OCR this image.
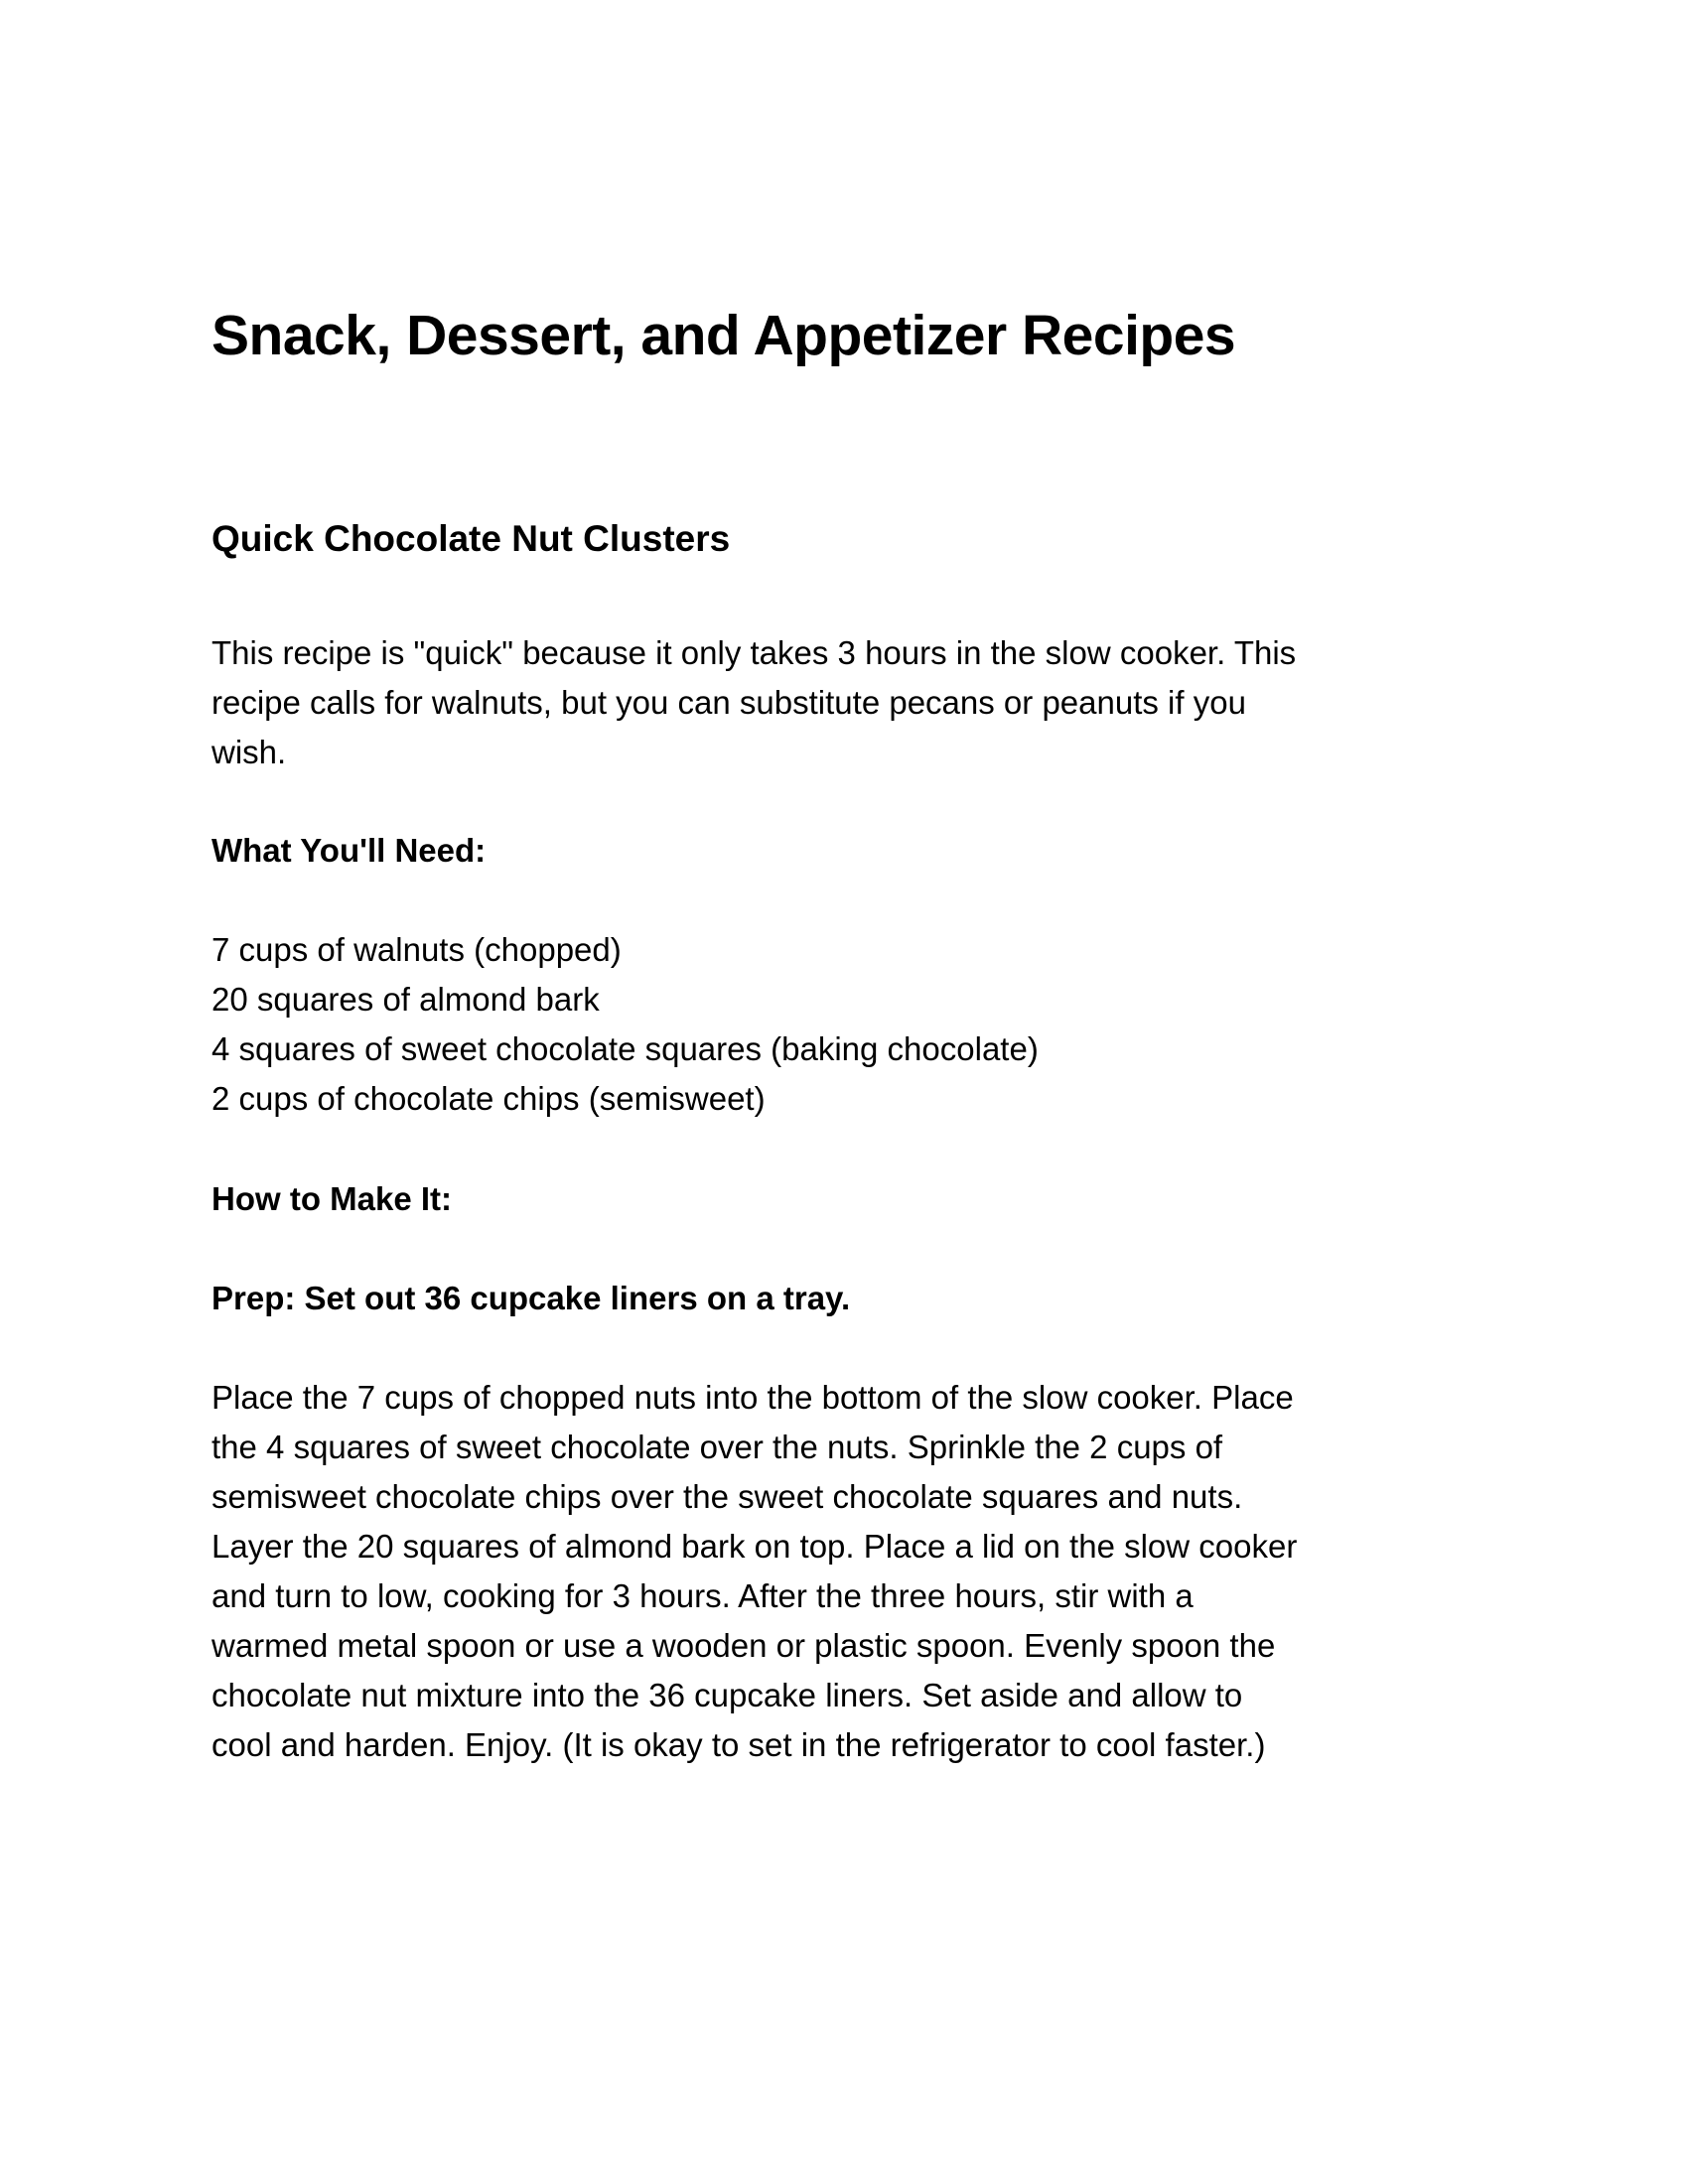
Snack, Dessert, and Appetizer Recipes
Quick Chocolate Nut Clusters
This recipe is "quick" because it only takes 3 hours in the slow cooker. This
recipe calls for walnuts, but you can substitute pecans or peanuts if you
wish.

What You'll Need:

7 cups of walnuts (chopped)
20 squares of almond bark
4 squares of sweet chocolate squares (baking chocolate)
2 cups of chocolate chips (semisweet)

How to Make It:

Prep: Set out 36 cupcake liners on a tray.

Place the 7 cups of chopped nuts into the bottom of the slow cooker. Place
the 4 squares of sweet chocolate over the nuts. Sprinkle the 2 cups of
semisweet chocolate chips over the sweet chocolate squares and nuts.
Layer the 20 squares of almond bark on top. Place a lid on the slow cooker
and turn to low, cooking for 3 hours. After the three hours, stir with a
warmed metal spoon or use a wooden or plastic spoon. Evenly spoon the
chocolate nut mixture into the 36 cupcake liners. Set aside and allow to
cool and harden. Enjoy. (It is okay to set in the refrigerator to cool faster.)
